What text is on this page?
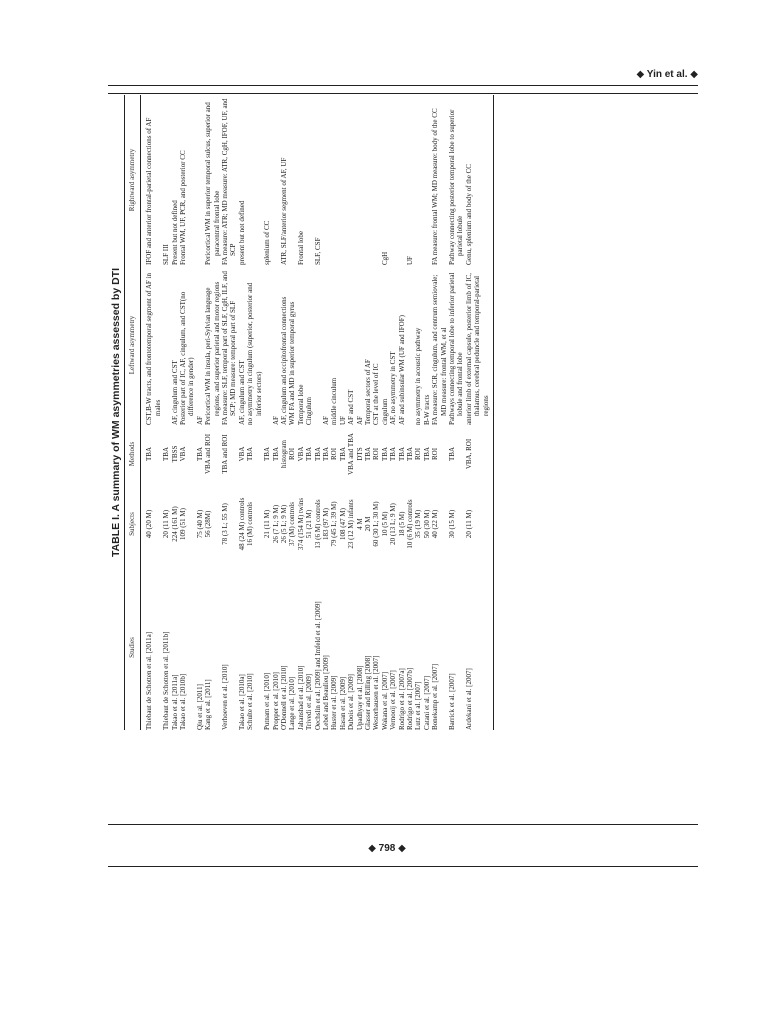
◆ Yin et al. ◆
TABLE I. A summary of WM asymmetries assessed by DTI
Studies	Subjects	Methods	Leftward asymmetry	Rightward asymmetry
Thiebaut de Schotten et al. [2011a]	40 (20 M)	TBA	CST,B-W tracts, and frontotemporal segment of AF in males	IFOF and anterior frontal-parietal connections of AF
Thiebaut de Schotten et al. [2011b]	20 (11 M)	TBA		SLF III
Takao et al. [2011a]	224 (161 M)	TBSS	AF, cingulum and CST	Present but not defined
Takao et al. [2010b]	109 (51 M)	VBA	Posterior part of IC, AF, cingulum, and CST(no difference in gender)	Frontal WM, UF, PCR, and posterior CC
Qiu et al. [2011]	75 (40 M)	TBA	AF	
Kang et al. [2011]	56 (28M)	VBA and ROI	Pericortical WM in insula, peri-Sylvian language regions, and superior parietal and motor regions	Pericortical WM in superior temporal sulcus, superior and paracentral frontal lobe
Verhoeven et al. [2010]	78 (3 L; 55 M)	TBA and ROI	FA measure: SLF, temporal part of SLF, CgH, ILF, and SCP; MD measure: temporal part of SLF	FA measure: ATR; MD measure: ATR, CgH, IFOF, UF, and SCP
Takao et al. [2010a]	48 (24 M) controls	VBA	AF, cingulum and CST	present but not defined
Schulte et al. [2010]	16 (M) controls	TBA	no asymmetry in cingulum (superior, posterior and inferior sectors)	
Putnam et al. [2010]	21 (11 M)	TBA		splenium of CC
Propper et al. [2010]	26 (7 L; 9 M)	TBA	AF	
O'Donnell et al. [2010]	26 (5 L; 9 M)	histogram	AF, cingulum and occipitofrontal connections	ATR, SLF/anterior segment of AF, UF
Lange et al. [2010]	37 (M) controls	ROI	WM FA and MD in superior temporal gyrus	
Jahanshad et al. [2010]	374 (154 M) twins	VBA	Temporal lobe	Frontal lobe
Trivedi et al. [2009]	51 (21 M)	TBA	Cingulum	
Oechslin et al. [2009] and Imfeld et al. [2009]	13 (6 M) controls	TBA		SLF, CSF
Lebel and Beaulieu [2009]	183 (97 M)	TBA	AF	
Huster et al. [2009]	79 (45 L; 39 M)	ROI	middle cinculum	
Hasan et al. [2009]	108 (47 M)	TBA	UF	
Dubois et al. [2009]	23 (12 M) infants	VBA and TBA	AF and CST	
Upadhyay et al. [2008]	4 M	DTS	AF	
Glasser and Rilling [2008]	20 M	TBA	Temporal sectors of AF	
Westerhausen et al. [2007]	60 (30 L; 30 M)	ROI	CST at the level of IC	
Wakana et al. [2007]	10 (5 M)	TBA	cingulum	CgH
Vernooij et al. [2007]	20 (13 L; 9 M)	TBA	AF, no asymmetry in CST	
Rodrigo et al. [2007a]	18 (5 M)	TBA	AF and subinsular WM (UF and IFOF)	
Rodrigo et al. [2007b]	10 (6 M) controls	TBA		UF
Lutz et al. [2007]	35 (19 M)	ROI	no asymmetry in acoustic pathway	
Catani et al. [2007]	50 (30 M)	TBA	B-W tracts	
Bonekamp et al. [2007]	40 (22 M)	ROI	FA measure: SCR, cingulum, and centrum semiovale; MD measure: frontal WM, et al	FA measure: frontal WM; MD measure: body of the CC
Barrick et al. [2007]	30 (15 M)	TBA	Pathways connecting temporal lobe to inferior parietal lobule and frontal lobe	Pathway connecting posterior temporal lobe to superior parietal lobule
Ardekani et al. [2007]	20 (11 M)	VBA, ROI	anterior limb of external capsule, posterior limb of IC, thalamus, cerebral peduncle and temporal-parietal regions	Genu, splenium and body of the CC
◆ 798 ◆
